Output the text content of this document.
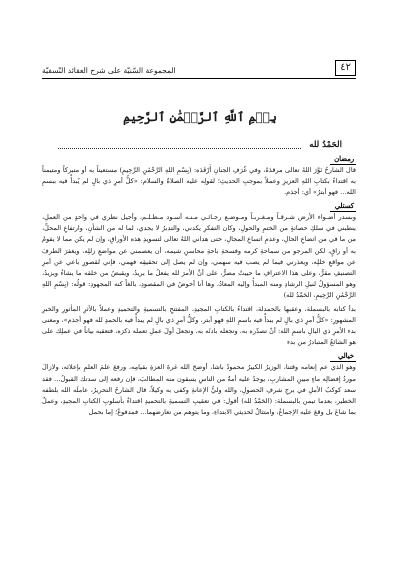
٤٢
المجموعة السّنيّة على شرح العقائد النّسفيّة
بِسۡمِ ٱللَّهِ ٱلرَّحۡمَٰنِ ٱلرَّحِيمِ
الحَمْدُ لله
رمضان

قال الشارحُ نَوَّرَ اللهُ تعالى مرقدَهُ، وفي غُرَفِ الجنانِ أَرْقَدَه: (بِسْمِ اللهِ الرَّحْمَٰنِ الرَّحِيمِ) مستعيناً به أو متبركاً ومتيمناً به اقتداءً بكتابِ اللهِ العزيزِ وعملاً بموجبِ الحديثِ؛ لقولِه عليه الصلاةُ والسلام: «كلُّ أمرٍ ذي بالٍ لم يُبدأْ فيه ببسمِ الله... فهو أبترُ» أي: أجذم.

كستلي

وبسدر أضـواء الأرض شـرقـاً ومـغـربـاً ومـوضـع رجـائـي مـنـه أسـود مـظـلـم، وأجيل نظري في واحدٍ من العملِ، ينطبني في سلكِ حصانةٍ من الختمِ والحولِ، وكان التفكرِ يكدني، والتدبرُ لا يجدي، لما له من الشأنِ، وارتفاعِ المحلِّ، من ما في من اتضاعِ الحالِ، وعدمِ اتساعِ المجالِ، حتى هداني اللهُ تعالى لتسويدِ هذه الأوراقِ، وإن لم يكن مما لا يقومُ به أو راقٍ، لكن المرجو من سماحةِ كرمه وفسحةِ باحةِ محاسنِ شيمه، أن يعصمني عن مواضعِ زللِه، ويغفرَ الطرفَ عن مواقعِ خللِه، ويعذرني فيما لم يصب فيه سهمي، وإن لم يصل إلى تحقيقِه فهمي، فإني لقصورِ باعي عن أمرِ التصنيفِ مقرٌّ، وعلى هذا الاعترافِ ما حييتُ مصرٌّ، على أنَّ الأمرَ لله يفعلُ ما يريدُ، ويقبضُ من خلقه ما يشاءُ ويزيدُ، وهو المسؤولُ لنيلِ الرشادِ ومنه المبدأُ وإليه المعادُ، وها أنا أخوضُ في المقصودِ، بالغاً كنه المجهودِ: قولُه: (بِسْمِ اللهِ الرَّحْمَٰنِ الرَّحِيمِ، الحَمْدُ لله)

بدأ كتابه بالبسملة، وعقبها بالحمدلة، اقتداءً بالكتابِ المجيدِ، المفتتحِ بالتسميةِ والتحميدِ وعملاً بالأثرِ المأثورِ والخبرِ المشهورِ: «كلُّ أمرٍ ذي بالٍ لم يبدأْ فيه باسمِ اللهِ فهو أبتر، وكلُّ أمرٍ ذي بالٍ لم يبدأْ فيه بالحمدِ لله فهو أجذم»، ومعنى بدء الأمرِ ذي البالِ باسمِ الله: أنْ تصدّره به، وتجعله بادئَه به، وتجعلَ أولَ عملِ تعمله ذكرَه، فتعقبه بياناً في عملِك على هو الشائعُ المتبادرُ من بدء

خيالي

وهو الذي عم إنعامه وقتنا، الوزيرُ الكبيرُ محمودٌ باشا، أوضحَ الله غرةَ العزةِ بقيامِه، ورفعَ علمَ العلمِ بإعلائه، ولازالَ موردُ إفضالِه ماءٍ مبينِ المشاربِ، يوجدُ عليه أمةٌ من الناسِ يسقون منه المطالبَ، فإن رفعه إلى سدتك القبولُ... فقد سعد كوكبُ الأملِ في برجِ شرفِ الحصولِ، والله وليُّ الإعانةِ وكفى به وكيلاً، قال الشارحُ التحريرُ، عاملَه الله بلطفه الخطير، بعدما تيمن بالبسملة: (الحَمْدُ لله) أقول: في تعقيبِ التسميةِ بالتحميدِ اقتداءٌ بأسلوبِ الكتابِ المجيدِ، وعملٌ بما شاعَ بل وقعَ عليه الإجماعُ، وامتثالٌ لحديثي الابتداءِ، وما يتوهم من تعارضهما... فمدفوعٌ؛ إما بحمل
